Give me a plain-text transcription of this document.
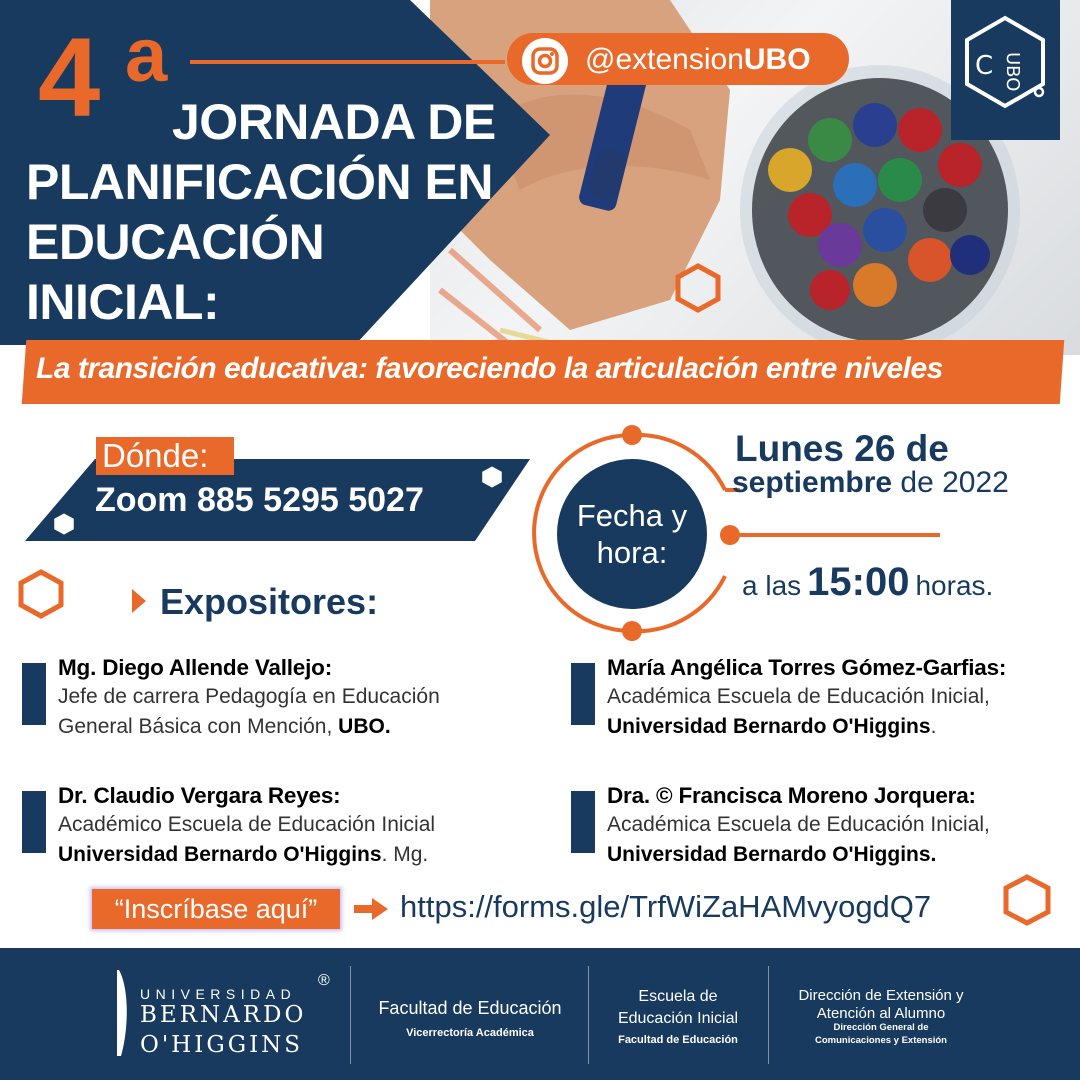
4 a
JORNADA DE
PLANIFICACIÓN EN
EDUCACIÓN
INICIAL:
@extensionUBO	C UBO
La transición educativa: favoreciendo la articulación entre niveles
Dónde:
Zoom 885 5295 5027	Fecha y
hora:
Lunes 26 de
septiembre de 2022
a las 15:00 horas.
Expositores:
Mg. Diego Allende Vallejo:
Jefe de carrera Pedagogía en Educación
General Básica con Mención, UBO.
María Angélica Torres Gómez-Garfias:
Académica Escuela de Educación Inicial,
Universidad Bernardo O'Higgins.
Dr. Claudio Vergara Reyes:
Académico Escuela de Educación Inicial
Universidad Bernardo O'Higgins. Mg.
Dra. © Francisca Moreno Jorquera:
Académica Escuela de Educación Inicial,
Universidad Bernardo O'Higgins.
“Inscríbase aquí”	https://forms.gle/TrfWiZaHAMvyogdQ7
UNIVERSIDAD
®
BERNARDO
O'HIGGINS
Facultad de Educación
Vicerrectoría Académica
Escuela de
Educación Inicial
Facultad de Educación
Dirección de Extensión y
Atención al Alumno
Dirección General de
Comunicaciones y Extensión
